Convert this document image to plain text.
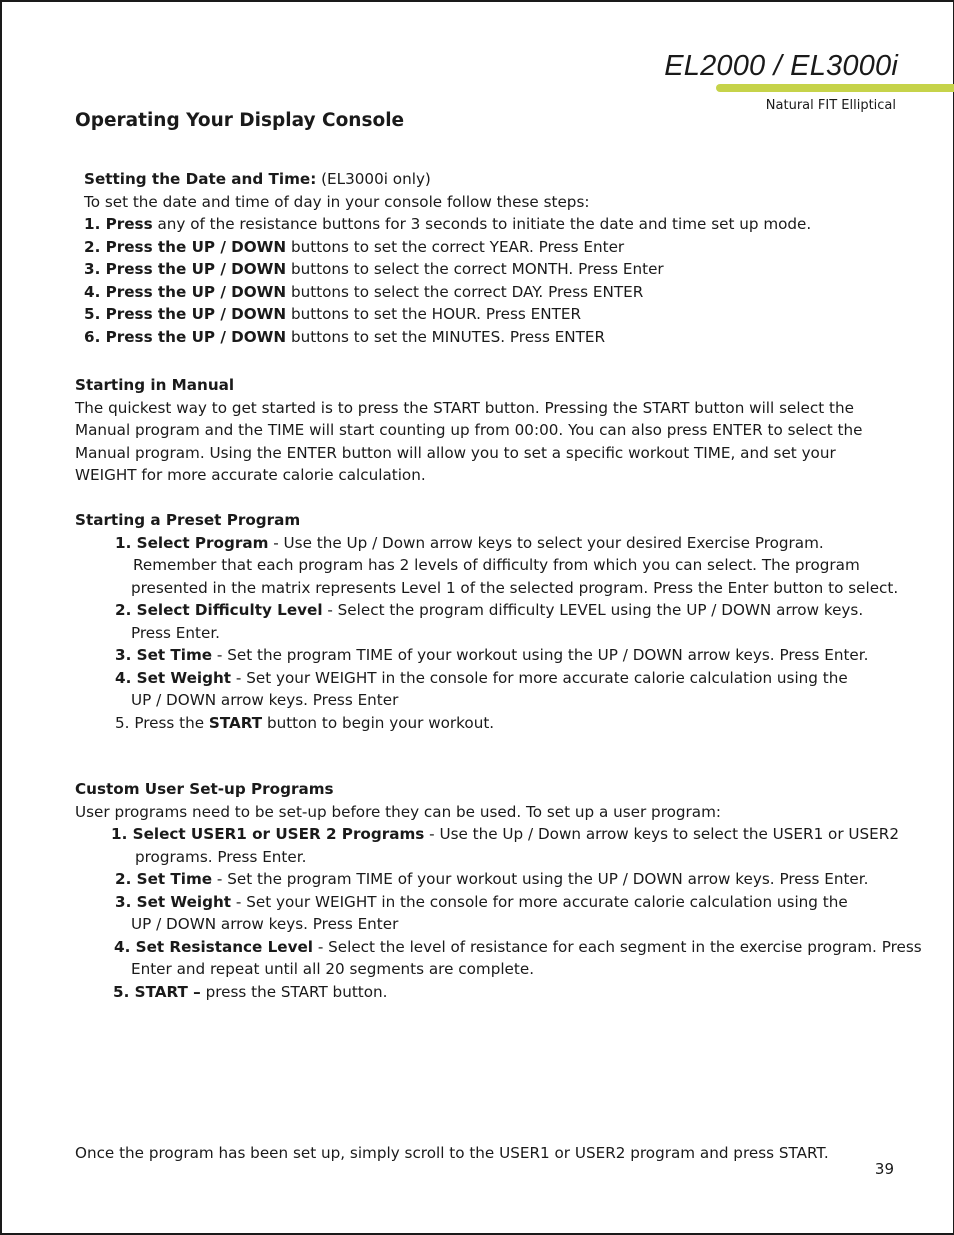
EL2000 / EL3000i
Natural FIT Elliptical
Operating Your Display Console

Setting the Date and Time: (EL3000i only)

To set the date and time of day in your console follow these steps:

1. Press any of the resistance buttons for 3 seconds to initiate the date and time set up mode.

2. Press the UP / DOWN buttons to set the correct YEAR. Press Enter

3. Press the UP / DOWN buttons to select the correct MONTH. Press Enter

4. Press the UP / DOWN buttons to select the correct DAY. Press ENTER

5. Press the UP / DOWN buttons to set the HOUR. Press ENTER

6. Press the UP / DOWN buttons to set the MINUTES. Press ENTER

Starting in Manual

The quickest way to get started is to press the START button. Pressing the START button will select the

Manual program and the TIME will start counting up from 00:00. You can also press ENTER to select the

Manual program. Using the ENTER button will allow you to set a specific workout TIME, and set your

WEIGHT for more accurate calorie calculation.

Starting a Preset Program

1. Select Program - Use the Up / Down arrow keys to select your desired Exercise Program.

Remember that each program has 2 levels of difficulty from which you can select. The program

presented in the matrix represents Level 1 of the selected program. Press the Enter button to select.

2. Select Difficulty Level - Select the program difficulty LEVEL using the UP / DOWN arrow keys.

Press Enter.

3. Set Time - Set the program TIME of your workout using the UP / DOWN arrow keys. Press Enter.

4. Set Weight - Set your WEIGHT in the console for more accurate calorie calculation using the

UP / DOWN arrow keys. Press Enter

5. Press the START button to begin your workout.

Custom User Set-up Programs

User programs need to be set-up before they can be used. To set up a user program:

1. Select USER1 or USER 2 Programs - Use the Up / Down arrow keys to select the USER1 or USER2

programs. Press Enter.

2. Set Time - Set the program TIME of your workout using the UP / DOWN arrow keys. Press Enter.

3. Set Weight - Set your WEIGHT in the console for more accurate calorie calculation using the

UP / DOWN arrow keys. Press Enter

4. Set Resistance Level - Select the level of resistance for each segment in the exercise program. Press

Enter and repeat until all 20 segments are complete.

5. START – press the START button.

Once the program has been set up, simply scroll to the USER1 or USER2 program and press START.

39
